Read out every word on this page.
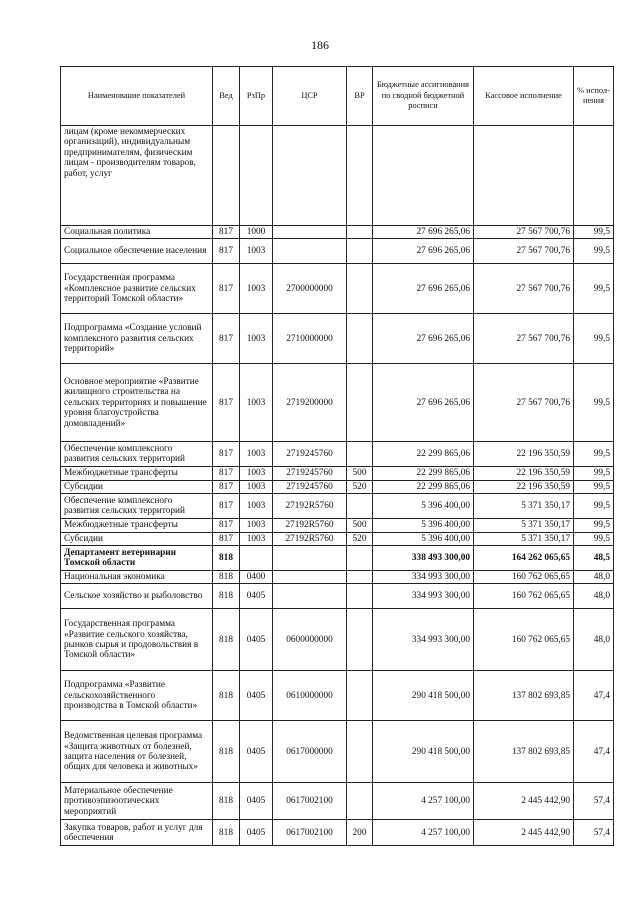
186
Наименование показателей	Вед	РзПр	ЦСР	ВР	Бюджетные ассигнования по сводной бюджетной росписи	Кассовое исполнение	% испол- нения
лицам (кроме некоммерческих организаций), индивидуальным предпринимателям, физическим лицам - производителям товаров, работ, услуг							
Социальная политика	817	1000			27 696 265,06	27 567 700,76	99,5
Социальное обеспечение населения	817	1003			27 696 265,06	27 567 700,76	99,5
Государственная программа «Комплексное развитие сельских территорий Томской области»	817	1003	2700000000		27 696 265,06	27 567 700,76	99,5
Подпрограмма «Создание условий комплексного развития сельских территорий»	817	1003	2710000000		27 696 265,06	27 567 700,76	99,5
Основное мероприятие «Развитие жилищного строительства на сельских территориях и повышение уровня благоустройства домовладений»	817	1003	2719200000		27 696 265,06	27 567 700,76	99,5
Обеспечение комплексного развития сельских территорий	817	1003	2719245760		22 299 865,06	22 196 350,59	99,5
Межбюджетные трансферты	817	1003	2719245760	500	22 299 865,06	22 196 350,59	99,5
Субсидии	817	1003	2719245760	520	22 299 865,06	22 196 350,59	99,5
Обеспечение комплексного развития сельских территорий	817	1003	27192R5760		5 396 400,00	5 371 350,17	99,5
Межбюджетные трансферты	817	1003	27192R5760	500	5 396 400,00	5 371 350,17	99,5
Субсидии	817	1003	27192R5760	520	5 396 400,00	5 371 350,17	99,5
Департамент ветеринарии Томской области	818				338 493 300,00	164 262 065,65	48,5
Национальная экономика	818	0400			334 993 300,00	160 762 065,65	48,0
Сельское хозяйство и рыболовство	818	0405			334 993 300,00	160 762 065,65	48,0
Государственная программа «Развитие сельского хозяйства, рынков сырья и продовольствия в Томской области»	818	0405	0600000000		334 993 300,00	160 762 065,65	48,0
Подпрограмма «Развитие сельскохозяйственного производства в Томской области»	818	0405	0610000000		290 418 500,00	137 802 693,85	47,4
Ведомственная целевая программа «Защита животных от болезней, защита населения от болезней, общих для человека и животных»	818	0405	0617000000		290 418 500,00	137 802 693,85	47,4
Материальное обеспечение противоэпизоотических мероприятий	818	0405	0617002100		4 257 100,00	2 445 442,90	57,4
Закупка товаров, работ и услуг для обеспечения	818	0405	0617002100	200	4 257 100,00	2 445 442,90	57,4
